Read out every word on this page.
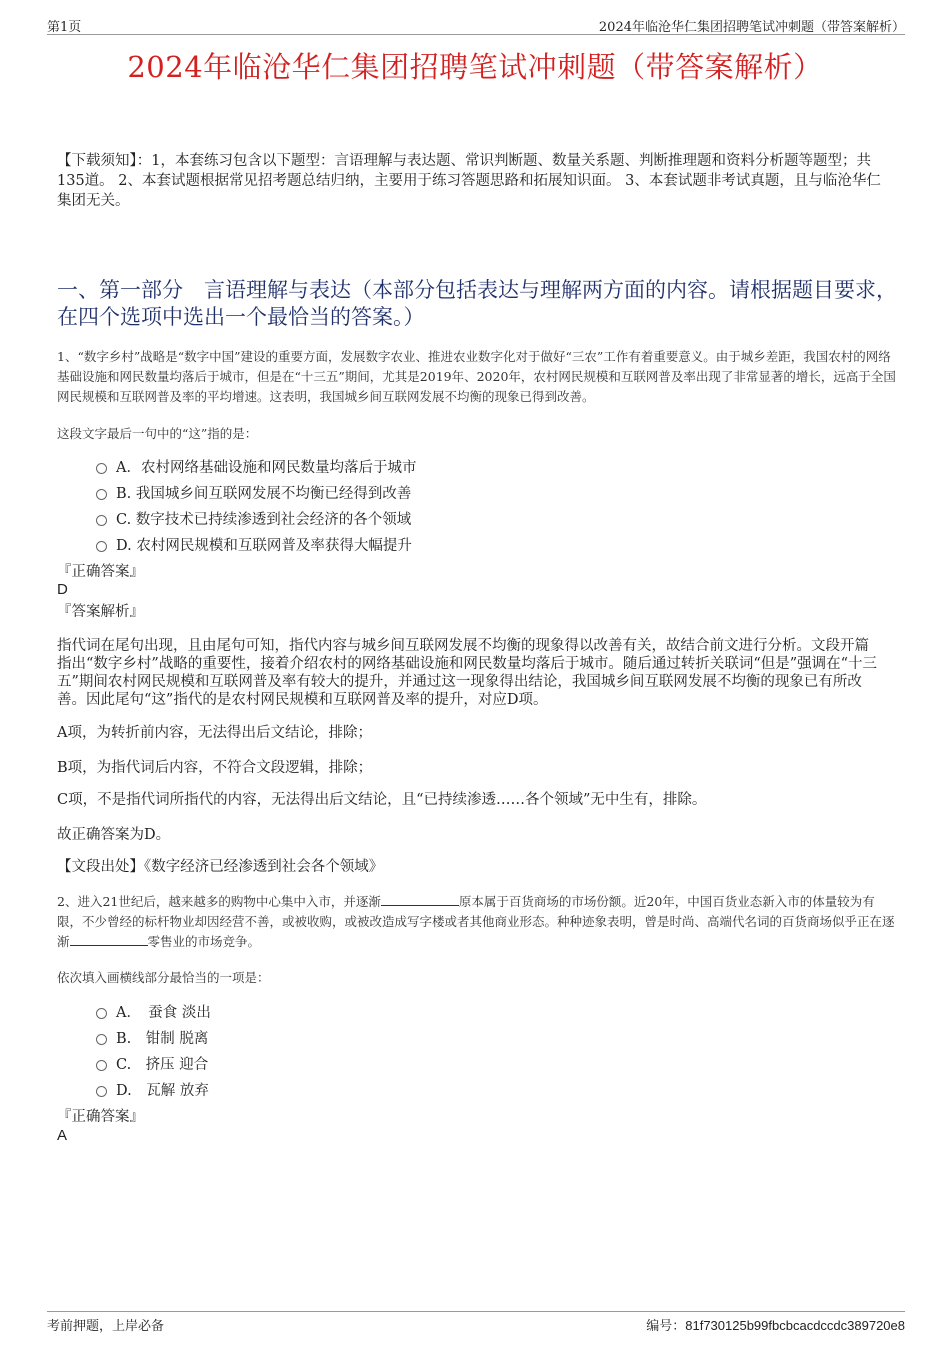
第1页	2024年临沧华仁集团招聘笔试冲刺题（带答案解析）
2024年临沧华仁集团招聘笔试冲刺题（带答案解析）
【下载须知】：1，本套练习包含以下题型：言语理解与表达题、常识判断题、数量关系题、判断推理题和资料分析题等题型；共135道。 2、本套试题根据常见招考题总结归纳，主要用于练习答题思路和拓展知识面。 3、本套试题非考试真题，且与临沧华仁集团无关。
一、第一部分　言语理解与表达（本部分包括表达与理解两方面的内容。请根据题目要求，在四个选项中选出一个最恰当的答案。）
1、“数字乡村”战略是“数字中国”建设的重要方面，发展数字农业、推进农业数字化对于做好“三农”工作有着重要意义。由于城乡差距，我国农村的网络基础设施和网民数量均落后于城市，但是在“十三五”期间，尤其是2019年、2020年，农村网民规模和互联网普及率出现了非常显著的增长，远高于全国网民规模和互联网普及率的平均增速。这表明，我国城乡间互联网发展不均衡的现象已得到改善。
这段文字最后一句中的“这”指的是：
A．农村网络基础设施和网民数量均落后于城市
B. 我国城乡间互联网发展不均衡已经得到改善
C. 数字技术已持续渗透到社会经济的各个领域
D. 农村网民规模和互联网普及率获得大幅提升
『正确答案』
D
『答案解析』
指代词在尾句出现，且由尾句可知，指代内容与城乡间互联网发展不均衡的现象得以改善有关，故结合前文进行分析。文段开篇指出“数字乡村”战略的重要性，接着介绍农村的网络基础设施和网民数量均落后于城市。随后通过转折关联词“但是”强调在“十三五”期间农村网民规模和互联网普及率有较大的提升，并通过这一现象得出结论，我国城乡间互联网发展不均衡的现象已有所改善。因此尾句“这”指代的是农村网民规模和互联网普及率的提升，对应D项。
A项，为转折前内容，无法得出后文结论，排除；
B项，为指代词后内容，不符合文段逻辑，排除；
C项，不是指代词所指代的内容，无法得出后文结论，且“已持续渗透……各个领域”无中生有，排除。
故正确答案为D。
【文段出处】《数字经济已经渗透到社会各个领域》
2、进入21世纪后，越来越多的购物中心集中入市，并逐渐	原本属于百货商场的市场份额。近20年，中国百货业态新入市的体量较为有限，不少曾经的标杆物业却因经营不善，或被收购，或被改造成写字楼或者其他商业形态。种种迹象表明，曾是时尚、高端代名词的百货商场似乎正在逐渐	零售业的市场竞争。
依次填入画横线部分最恰当的一项是：
A．　蚕食 淡出
B.　钳制 脱离
C.　挤压 迎合
D.　瓦解 放弃
『正确答案』
A
考前押题，上岸必备	编号：81f730125b99fbcbcacdccdc389720e8
